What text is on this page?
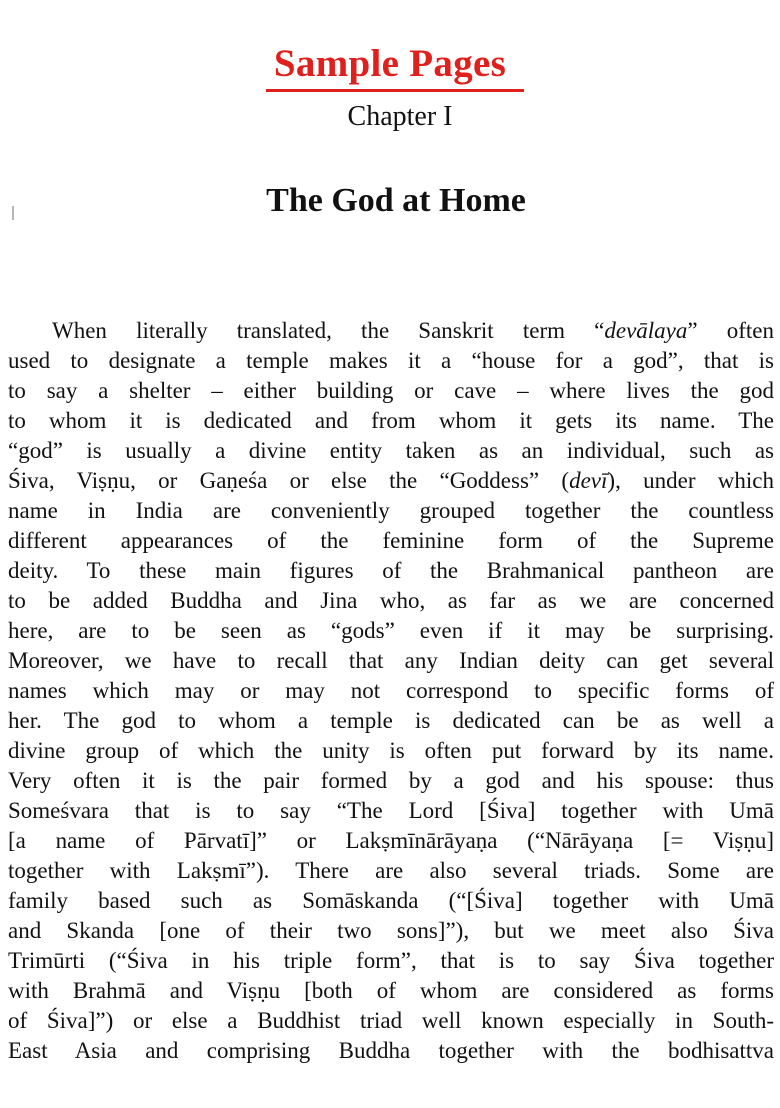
Sample Pages
Chapter I
The God at Home
When literally translated, the Sanskrit term “devālaya” often
used to designate a temple makes it a “house for a god”, that is
to say a shelter – either building or cave – where lives the god
to whom it is dedicated and from whom it gets its name. The
“god” is usually a divine entity taken as an individual, such as
Śiva, Viṣṇu, or Gaṇeśa or else the “Goddess” (devī), under which
name in India are conveniently grouped together the countless
different appearances of the feminine form of the Supreme
deity. To these main figures of the Brahmanical pantheon are
to be added Buddha and Jina who, as far as we are concerned
here, are to be seen as “gods” even if it may be surprising.
Moreover, we have to recall that any Indian deity can get several
names which may or may not correspond to specific forms of
her. The god to whom a temple is dedicated can be as well a
divine group of which the unity is often put forward by its name.
Very often it is the pair formed by a god and his spouse: thus
Someśvara that is to say “The Lord [Śiva] together with Umā
[a name of Pārvatī]” or Lakṣmīnārāyaṇa (“Nārāyaṇa [= Viṣṇu]
together with Lakṣmī”). There are also several triads. Some are
family based such as Somāskanda (“[Śiva] together with Umā
and Skanda [one of their two sons]”), but we meet also Śiva
Trimūrti (“Śiva in his triple form”, that is to say Śiva together
with Brahmā and Viṣṇu [both of whom are considered as forms
of Śiva]”) or else a Buddhist triad well known especially in South-
East Asia and comprising Buddha together with the bodhisattva
